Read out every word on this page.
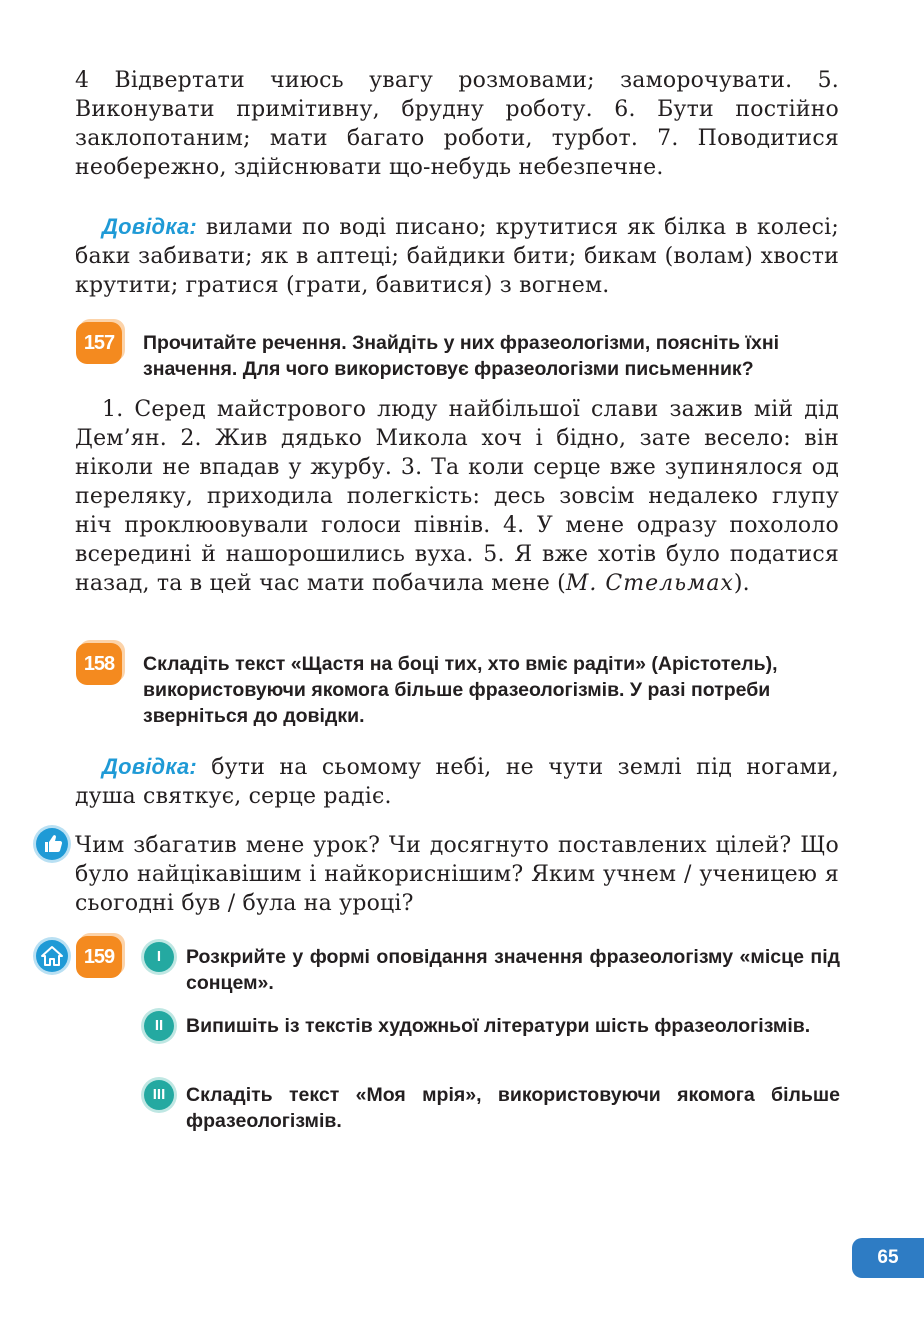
4 Відвертати чиюсь увагу розмовами; заморочувати. 5. Виконувати примітивну, брудну роботу. 6. Бути постійно заклопотаним; мати багато роботи, турбот. 7. Поводитися необережно, здійснювати що-небудь небезпечне.
Довідка: вилами по воді писано; крутитися як білка в колесі; баки забивати; як в аптеці; байдики бити; бикам (волам) хвости крутити; гратися (грати, бавитися) з вогнем.
157	Прочитайте речення. Знайдіть у них фразеологізми, поясніть їхні значення. Для чого використовує фразеологізми письменник?
1. Серед майстрового люду найбільшої слави зажив мій дід Дем’ян. 2. Жив дядько Микола хоч і бідно, зате весело: він ніколи не впадав у журбу. 3. Та коли серце вже зупинялося од переляку, приходила полегкість: десь зовсім недалеко глупу ніч проклюовували голоси півнів. 4. У мене одразу похололо всередині й нашорошились вуха. 5. Я вже хотів було податися назад, та в цей час мати побачила мене (М. Стельмах).
158	Складіть текст «Щастя на боці тих, хто вміє радіти» (Арістотель), використовуючи якомога більше фразеологізмів. У разі потреби зверніться до довідки.
Довідка: бути на сьомому небі, не чути землі під ногами, душа святкує, серце радіє.
Чим збагатив мене урок? Чи досягнуто поставлених цілей? Що було найцікавішим і найкориснішим? Яким учнем / ученицею я сьогодні був / була на уроці?
159	I	Розкрийте у формі оповідання значення фразеологізму «місце під сонцем».
II	Випишіть із текстів художньої літератури шість фразеологізмів.
III	Складіть текст «Моя мрія», використовуючи якомога більше фразеологізмів.
65
